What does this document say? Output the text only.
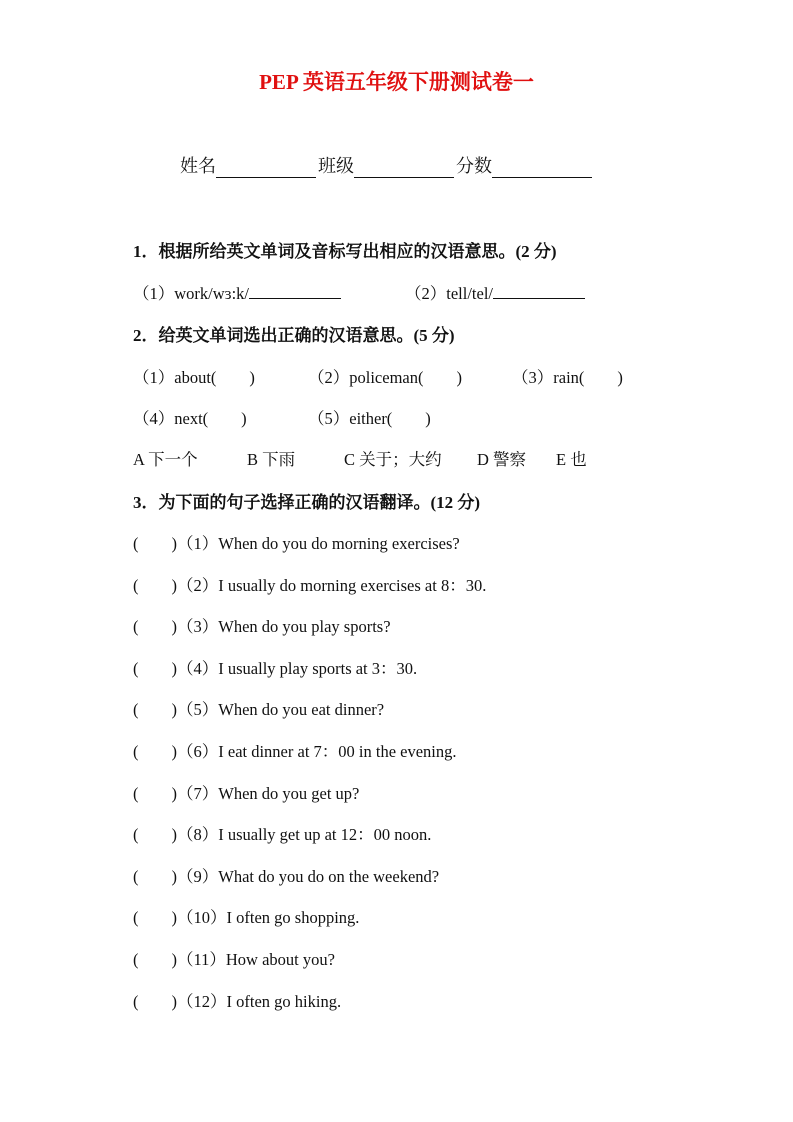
PEP 英语五年级下册测试卷一
姓名	班级	分数
1．根据所给英文单词及音标写出相应的汉语意思。(2 分)
（1）work/wɜ:k/	（2）tell/tel/
2．给英文单词选出正确的汉语意思。(5 分)
（1）about(　　)	（2）policeman(　　)	（3）rain(　　)
（4）next(　　)	（5）either(　　)
A 下一个	B 下雨	C 关于；大约 D 警察 E 也
3．为下面的句子选择正确的汉语翻译。(12 分)
(　　)（1）When do you do morning exercises?
(　　)（2）I usually do morning exercises at 8：30.
(　　)（3）When do you play sports?
(　　)（4）I usually play sports at 3：30.
(　　)（5）When do you eat dinner?
(　　)（6）I eat dinner at 7：00 in the evening.
(　　)（7）When do you get up?
(　　)（8）I usually get up at 12：00 noon.
(　　)（9）What do you do on the weekend?
(　　)（10）I often go shopping.
(　　)（11）How about you?
(　　)（12）I often go hiking.
